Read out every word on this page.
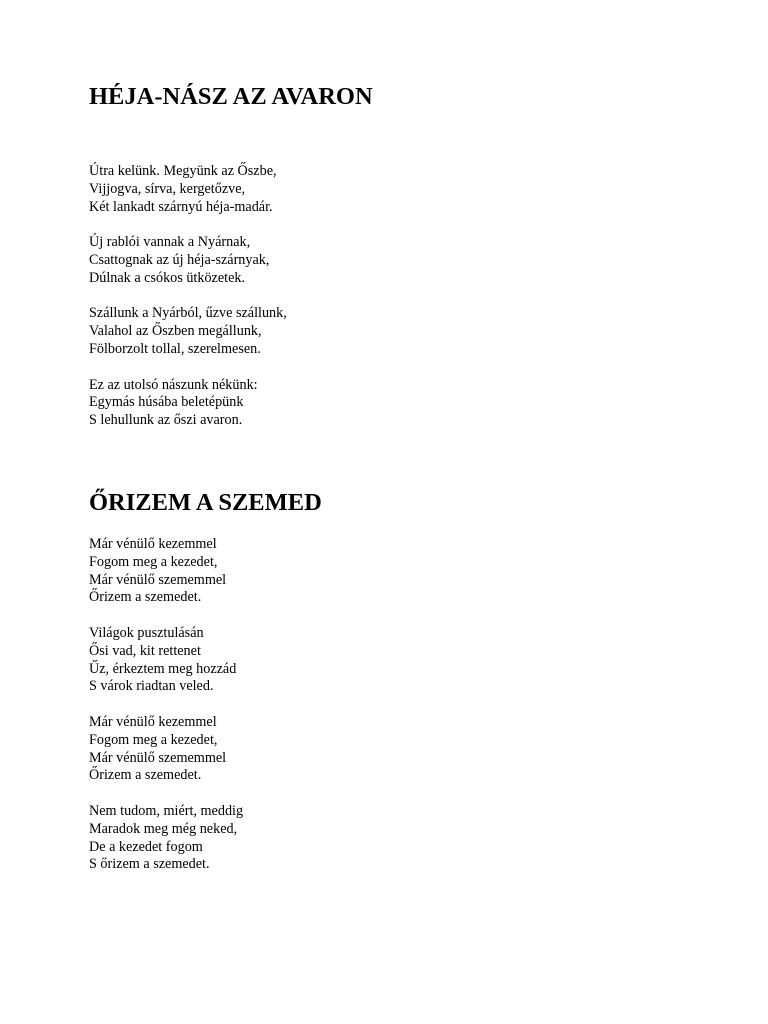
HÉJA-NÁSZ AZ AVARON

Útra kelünk. Megyünk az Őszbe,
Vijjogva, sírva, kergetőzve,
Két lankadt szárnyú héja-madár.

Új rablói vannak a Nyárnak,
Csattognak az új héja-szárnyak,
Dúlnak a csókos ütközetek.

Szállunk a Nyárból, űzve szállunk,
Valahol az Őszben megállunk,
Fölborzolt tollal, szerelmesen.

Ez az utolsó nászunk nékünk:
Egymás húsába beletépünk
S lehullunk az őszi avaron.

ŐRIZEM A SZEMED

Már vénülő kezemmel
Fogom meg a kezedet,
Már vénülő szememmel
Őrizem a szemedet.

Világok pusztulásán
Ősi vad, kit rettenet
Űz, érkeztem meg hozzád
S várok riadtan veled.

Már vénülő kezemmel
Fogom meg a kezedet,
Már vénülő szememmel
Őrizem a szemedet.

Nem tudom, miért, meddig
Maradok meg még neked,
De a kezedet fogom
S őrizem a szemedet.
